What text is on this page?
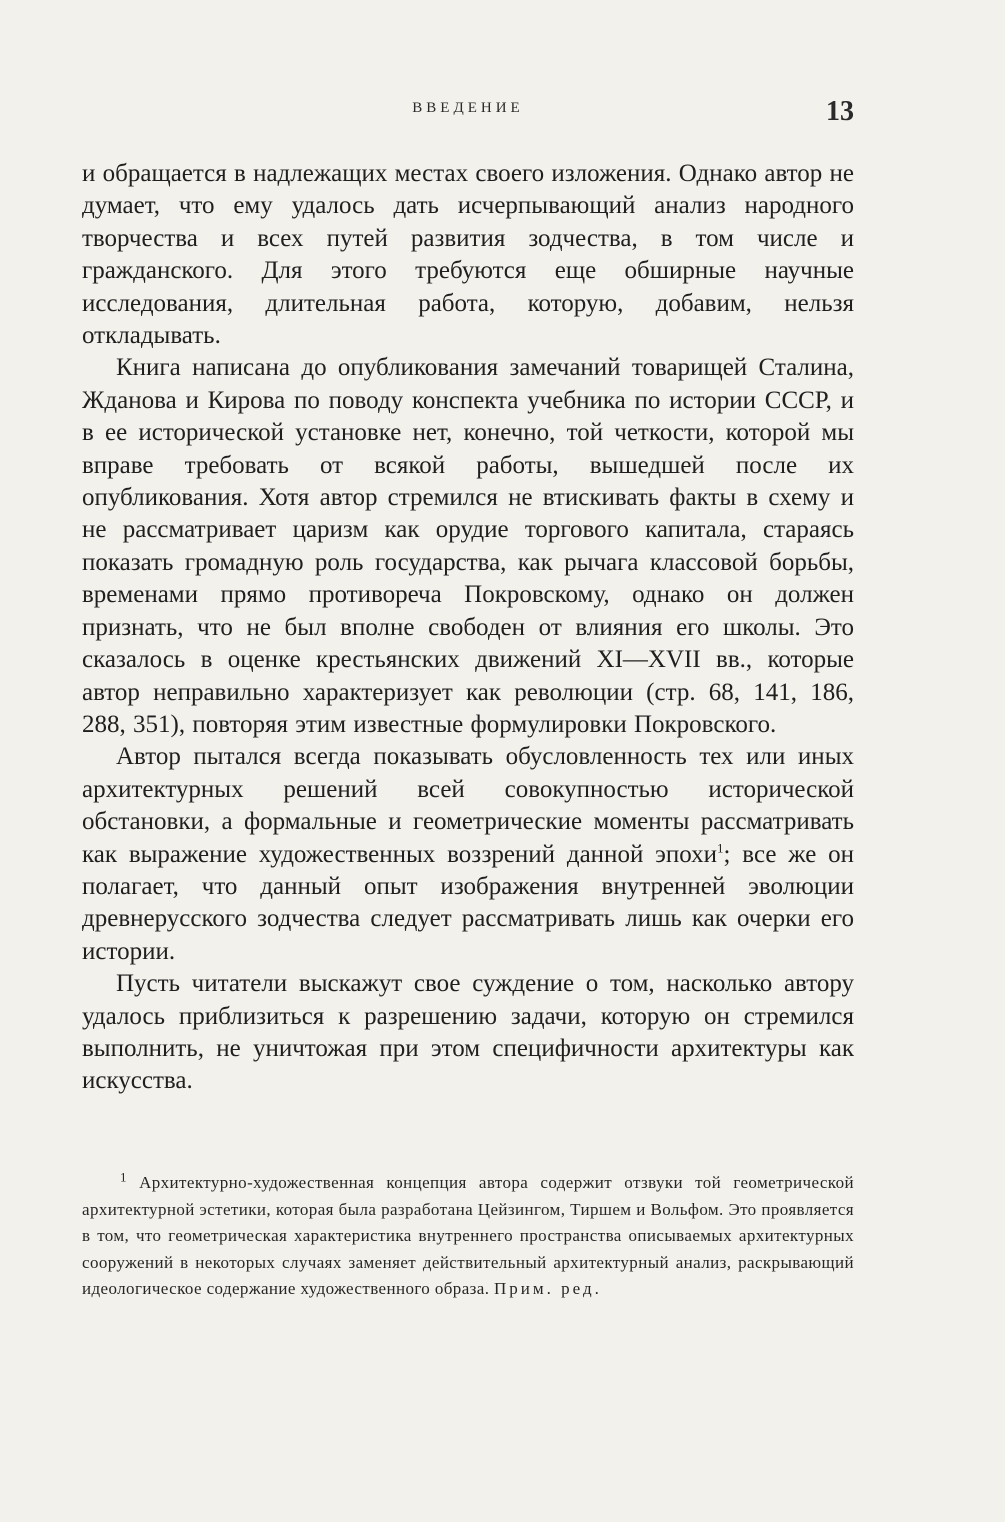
ВВЕДЕНИЕ	13

и обращается в надлежащих местах своего изложения. Однако автор не думает, что ему удалось дать исчерпывающий анализ народного творчества и всех путей развития зодчества, в том числе и гражданского. Для этого требуются еще обширные научные исследования, длительная работа, которую, добавим, нельзя откладывать.

Книга написана до опубликования замечаний товарищей Сталина, Жданова и Кирова по поводу конспекта учебника по истории СССР, и в ее исторической установке нет, конечно, той четкости, которой мы вправе требовать от всякой работы, вышедшей после их опубликования. Хотя автор стремился не втискивать факты в схему и не рассматривает царизм как орудие торгового капитала, стараясь показать громадную роль государства, как рычага классовой борьбы, временами прямо противореча Покровскому, однако он должен признать, что не был вполне свободен от влияния его школы. Это сказалось в оценке крестьянских движений XI—XVII вв., которые автор неправильно характеризует как революции (стр. 68, 141, 186, 288, 351), повторяя этим известные формулировки Покровского.

Автор пытался всегда показывать обусловленность тех или иных архитектурных решений всей совокупностью исторической обстановки, а формальные и геометрические моменты рассматривать как выражение художественных воззрений данной эпохи$^1$; все же он полагает, что данный опыт изображения внутренней эволюции древнерусского зодчества следует рассматривать лишь как очерки его истории.

Пусть читатели выскажут свое суждение о том, насколько автору удалось приблизиться к разрешению задачи, которую он стремился выполнить, не уничтожая при этом специфичности архитектуры как искусства.

$^1$ Архитектурно-художественная концепция автора содержит отзвуки той геометрической архитектурной эстетики, которая была разработана Цейзингом, Тиршем и Вольфом. Это проявляется в том, что геометрическая характеристика внутреннего пространства описываемых архитектурных сооружений в некоторых случаях заменяет действительный архитектурный анализ, раскрывающий идеологическое содержание художественного образа. Прим. ред.
